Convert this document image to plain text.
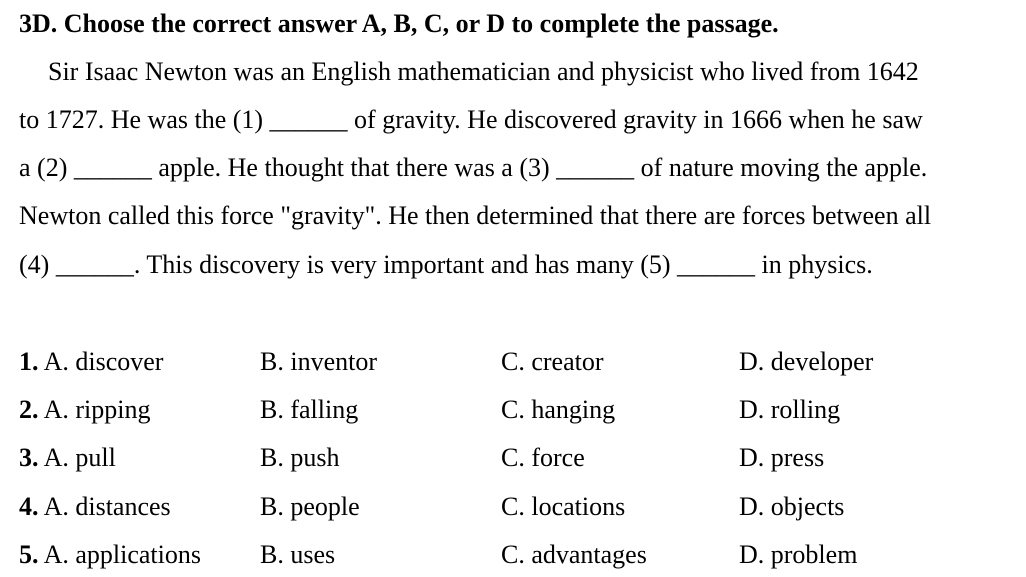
3D. Choose the correct answer A, B, C, or D to complete the passage.
Sir Isaac Newton was an English mathematician and physicist who lived from 1642
to 1727. He was the (1) ______ of gravity. He discovered gravity in 1666 when he saw
a (2) ______ apple. He thought that there was a (3) ______ of nature moving the apple.
Newton called this force "gravity". He then determined that there are forces between all
(4) ______. This discovery is very important and has many (5) ______ in physics.
1. A. discover	B. inventor	C. creator	D. developer
2. A. ripping	B. falling	C. hanging	D. rolling
3. A. pull	B. push	C. force	D. press
4. A. distances	B. people	C. locations	D. objects
5. A. applications B. uses	C. advantages	D. problem
